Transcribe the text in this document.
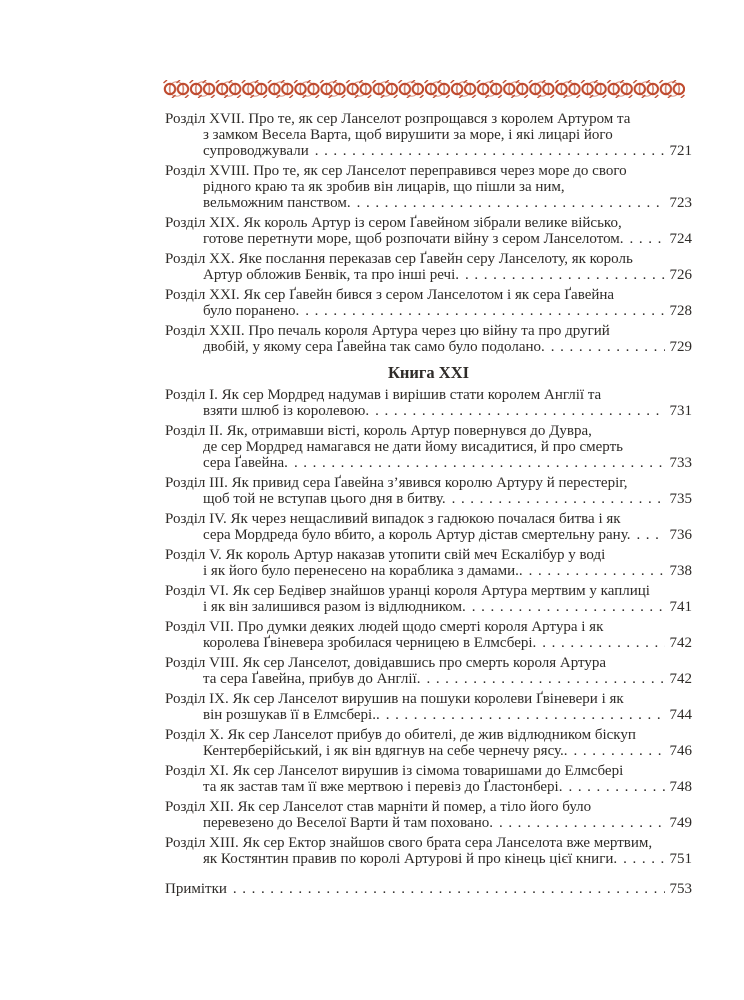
Розділ XVII. Про те, як сер Ланселот розпрощався з королем Артуром та
з замком Весела Варта, щоб вирушити за море, і які лицарі його
супроводжували .....	721
Розділ XVIII. Про те, як сер Ланселот переправився через море до свого
рідного краю та як зробив він лицарів, що пішли за ним,
вельможним панством. .....	723
Розділ XIX. Як король Артур із сером Ґавейном зібрали велике військо,
готове перетнути море, щоб розпочати війну з сером Ланселотом. .....	724
Розділ XX. Яке послання переказав сер Ґавейн серу Ланселоту, як король
Артур обложив Бенвік, та про інші речі. .....	726
Розділ XXI. Як сер Ґавейн бився з сером Ланселотом і як сера Ґавейна
було поранено. .....	728
Розділ XXII. Про печаль короля Артура через цю війну та про другий
двобій, у якому сера Ґавейна так само було подолано. .....	729
Книга XXI
Розділ I. Як сер Мордред надумав і вирішив стати королем Англії та
взяти шлюб із королевою. .....	731
Розділ II. Як, отримавши вісті, король Артур повернувся до Дувра,
де сер Мордред намагався не дати йому висадитися, й про смерть
сера Ґавейна. .....	733
Розділ III. Як привид сера Ґавейна з’явився королю Артуру й перестеріг,
щоб той не вступав цього дня в битву. .....	735
Розділ IV. Як через нещасливий випадок з гадюкою почалася битва і як
сера Мордреда було вбито, а король Артур дістав смертельну рану. .....	736
Розділ V. Як король Артур наказав утопити свій меч Ескалібур у воді
і як його було перенесено на кораблика з дамами.. .....	738
Розділ VI. Як сер Бедівер знайшов уранці короля Артура мертвим у каплиці
і як він залишився разом із відлюдником. .....	741
Розділ VII. Про думки деяких людей щодо смерті короля Артура і як
королева Ґвіневера зробилася черницею в Елмсбері. .....	742
Розділ VIII. Як сер Ланселот, довідавшись про смерть короля Артура
та сера Ґавейна, прибув до Англії. .....	742
Розділ IX. Як сер Ланселот вирушив на пошуки королеви Ґвіневери і як
він розшукав її в Елмсбері.. .....	744
Розділ X. Як сер Ланселот прибув до обителі, де жив відлюдником біскуп
Кентерберійський, і як він вдягнув на себе чернечу рясу.. .....	746
Розділ XI. Як сер Ланселот вирушив із сімома товаришами до Елмсбері
та як застав там її вже мертвою і перевіз до Ґластонбері. .....	748
Розділ XII. Як сер Ланселот став марніти й помер, а тіло його було
перевезено до Веселої Варти й там поховано. .....	749
Розділ XIII. Як сер Ектор знайшов свого брата сера Ланселота вже мертвим,
як Костянтин правив по королі Артурові й про кінець цієї книги. .....	751
Примітки .....	753
